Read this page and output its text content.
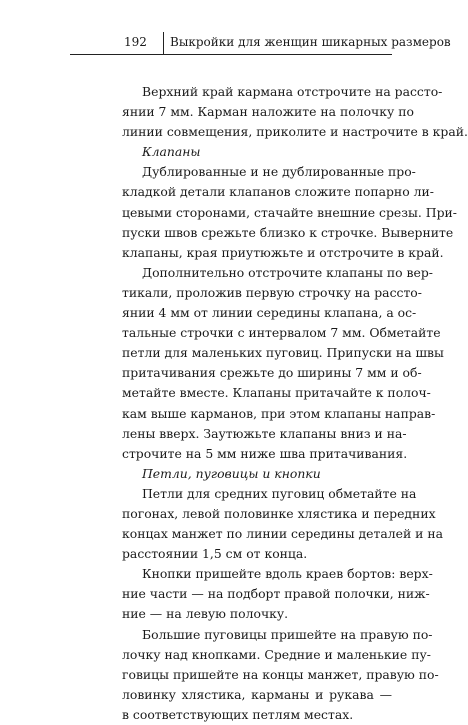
192 Выкройки для женщин шикарных размеров
Верхний край кармана отстрочите на рассто-
янии 7 мм. Карман наложите на полочку по
линии совмещения, приколите и настрочите в край.
Клапаны
Дублированные и не дублированные про-
кладкой детали клапанов сложите попарно ли-
цевыми сторонами, стачайте внешние срезы. При-
пуски швов срежьте близко к строчке. Выверните
клапаны, края приутюжьте и отстрочите в край.
Дополнительно отстрочите клапаны по вер-
тикали, проложив первую строчку на рассто-
янии 4 мм от линии середины клапана, а ос-
тальные строчки с интервалом 7 мм. Обметайте
петли для маленьких пуговиц. Припуски на швы
притачивания срежьте до ширины 7 мм и об-
метайте вместе. Клапаны притачайте к полоч-
кам выше карманов, при этом клапаны направ-
лены вверх. Заутюжьте клапаны вниз и на-
строчите на 5 мм ниже шва притачивания.
Петли, пуговицы и кнопки
Петли для средних пуговиц обметайте на
погонах, левой половинке хлястика и передних
концах манжет по линии середины деталей и на
расстоянии 1,5 см от конца.
Кнопки пришейте вдоль краев бортов: верх-
ние части — на подборт правой полочки, ниж-
ние — на левую полочку.
Большие пуговицы пришейте на правую по-
лочку над кнопками. Средние и маленькие пу-
говицы пришейте на концы манжет, правую по-
ловинку хлястика, карманы и рукава —
в соответствующих петлям местах.
